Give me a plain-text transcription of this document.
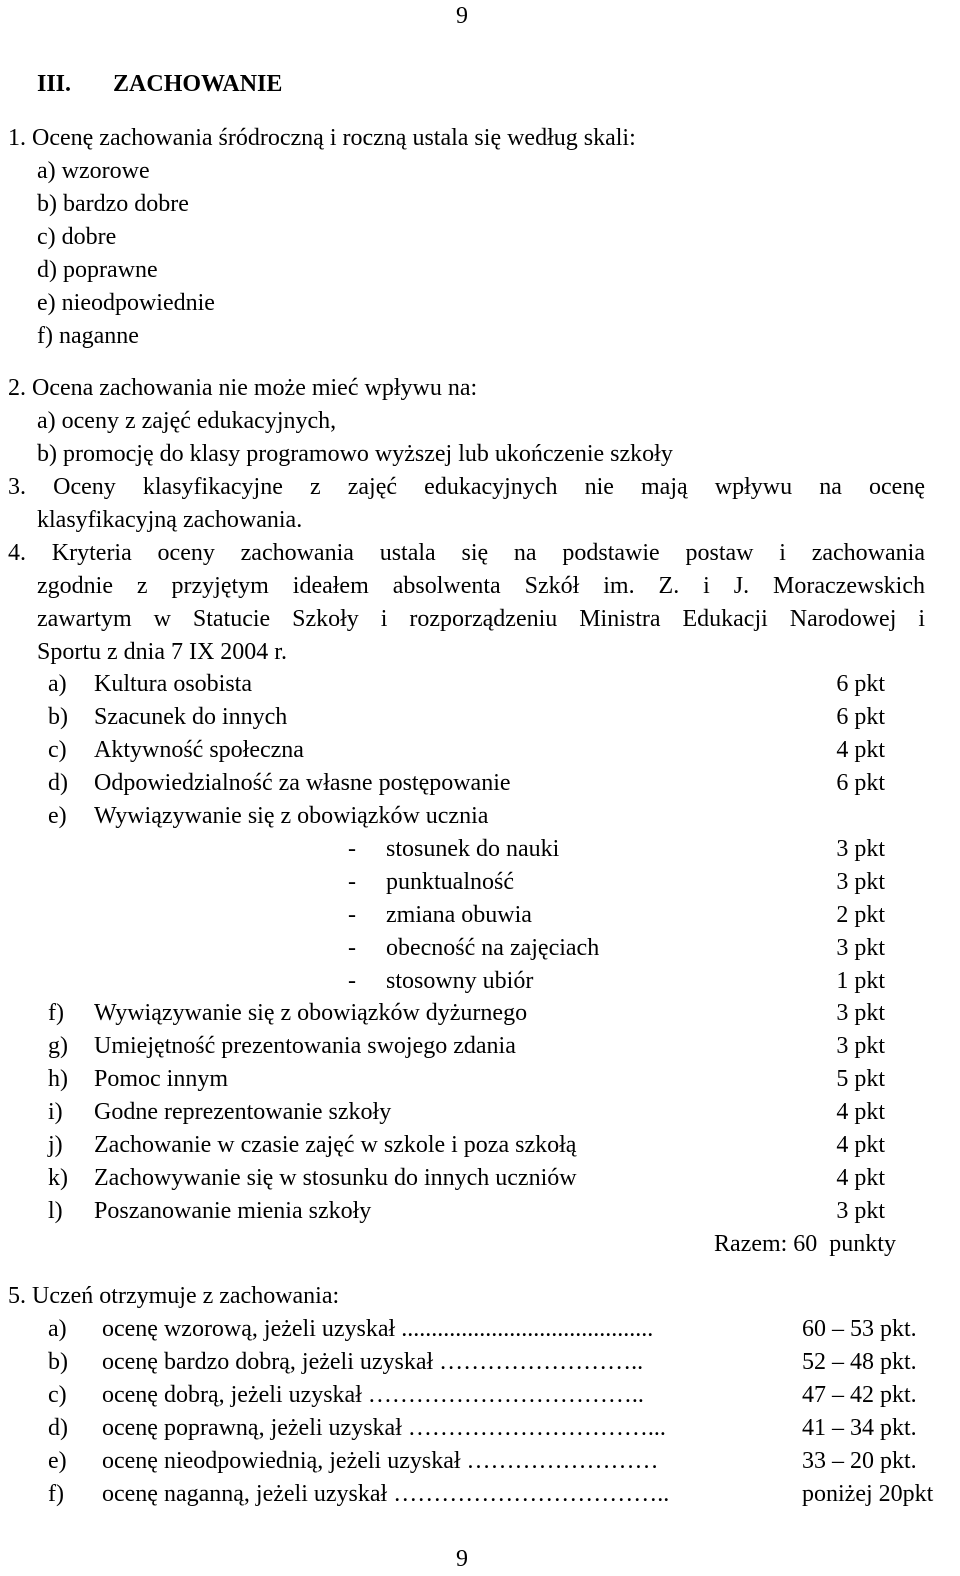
9
III. ZACHOWANIE
1. Ocenę zachowania śródroczną i roczną ustala się według skali:
a) wzorowe
b) bardzo dobre
c) dobre
d) poprawne
e) nieodpowiednie
f) naganne
2. Ocena zachowania nie może mieć wpływu na:
a) oceny z zajęć edukacyjnych,
b) promocję do klasy programowo wyższej lub ukończenie szkoły
3. Oceny klasyfikacyjne z zajęć edukacyjnych nie mają wpływu na ocenę
klasyfikacyjną zachowania.
4. Kryteria oceny zachowania ustala się na podstawie postaw i zachowania
zgodnie z przyjętym ideałem absolwenta Szkół im. Z. i J. Moraczewskich
zawartym w Statucie Szkoły i rozporządzeniu Ministra Edukacji Narodowej i
Sportu z dnia 7 IX 2004 r.
a) Kultura osobista	6 pkt
b) Szacunek do innych	6 pkt
c) Aktywność społeczna	4 pkt
d) Odpowiedzialność za własne postępowanie	6 pkt
e) Wywiązywanie się z obowiązków ucznia
- stosunek do nauki	3 pkt
- punktualność	3 pkt
- zmiana obuwia	2 pkt
- obecność na zajęciach	3 pkt
- stosowny ubiór	1 pkt
f) Wywiązywanie się z obowiązków dyżurnego	3 pkt
g) Umiejętność prezentowania swojego zdania	3 pkt
h) Pomoc innym	5 pkt
i) Godne reprezentowanie szkoły	4 pkt
j) Zachowanie w czasie zajęć w szkole i poza szkołą	4 pkt
k) Zachowywanie się w stosunku do innych uczniów	4 pkt
l) Poszanowanie mienia szkoły	3 pkt
Razem: 60  punkty
5. Uczeń otrzymuje z zachowania:
a) ocenę wzorową, jeżeli uzyskał ..........................................	60 – 53 pkt.
b) ocenę bardzo dobrą, jeżeli uzyskał ……………………..	52 – 48 pkt.
c) ocenę dobrą, jeżeli uzyskał ……………………………..	47 – 42 pkt.
d) ocenę poprawną, jeżeli uzyskał …………………………...	41 – 34 pkt.
e) ocenę nieodpowiednią, jeżeli uzyskał ……………………	33 – 20 pkt.
f) ocenę naganną, jeżeli uzyskał ……………………………..	poniżej 20pkt
9
